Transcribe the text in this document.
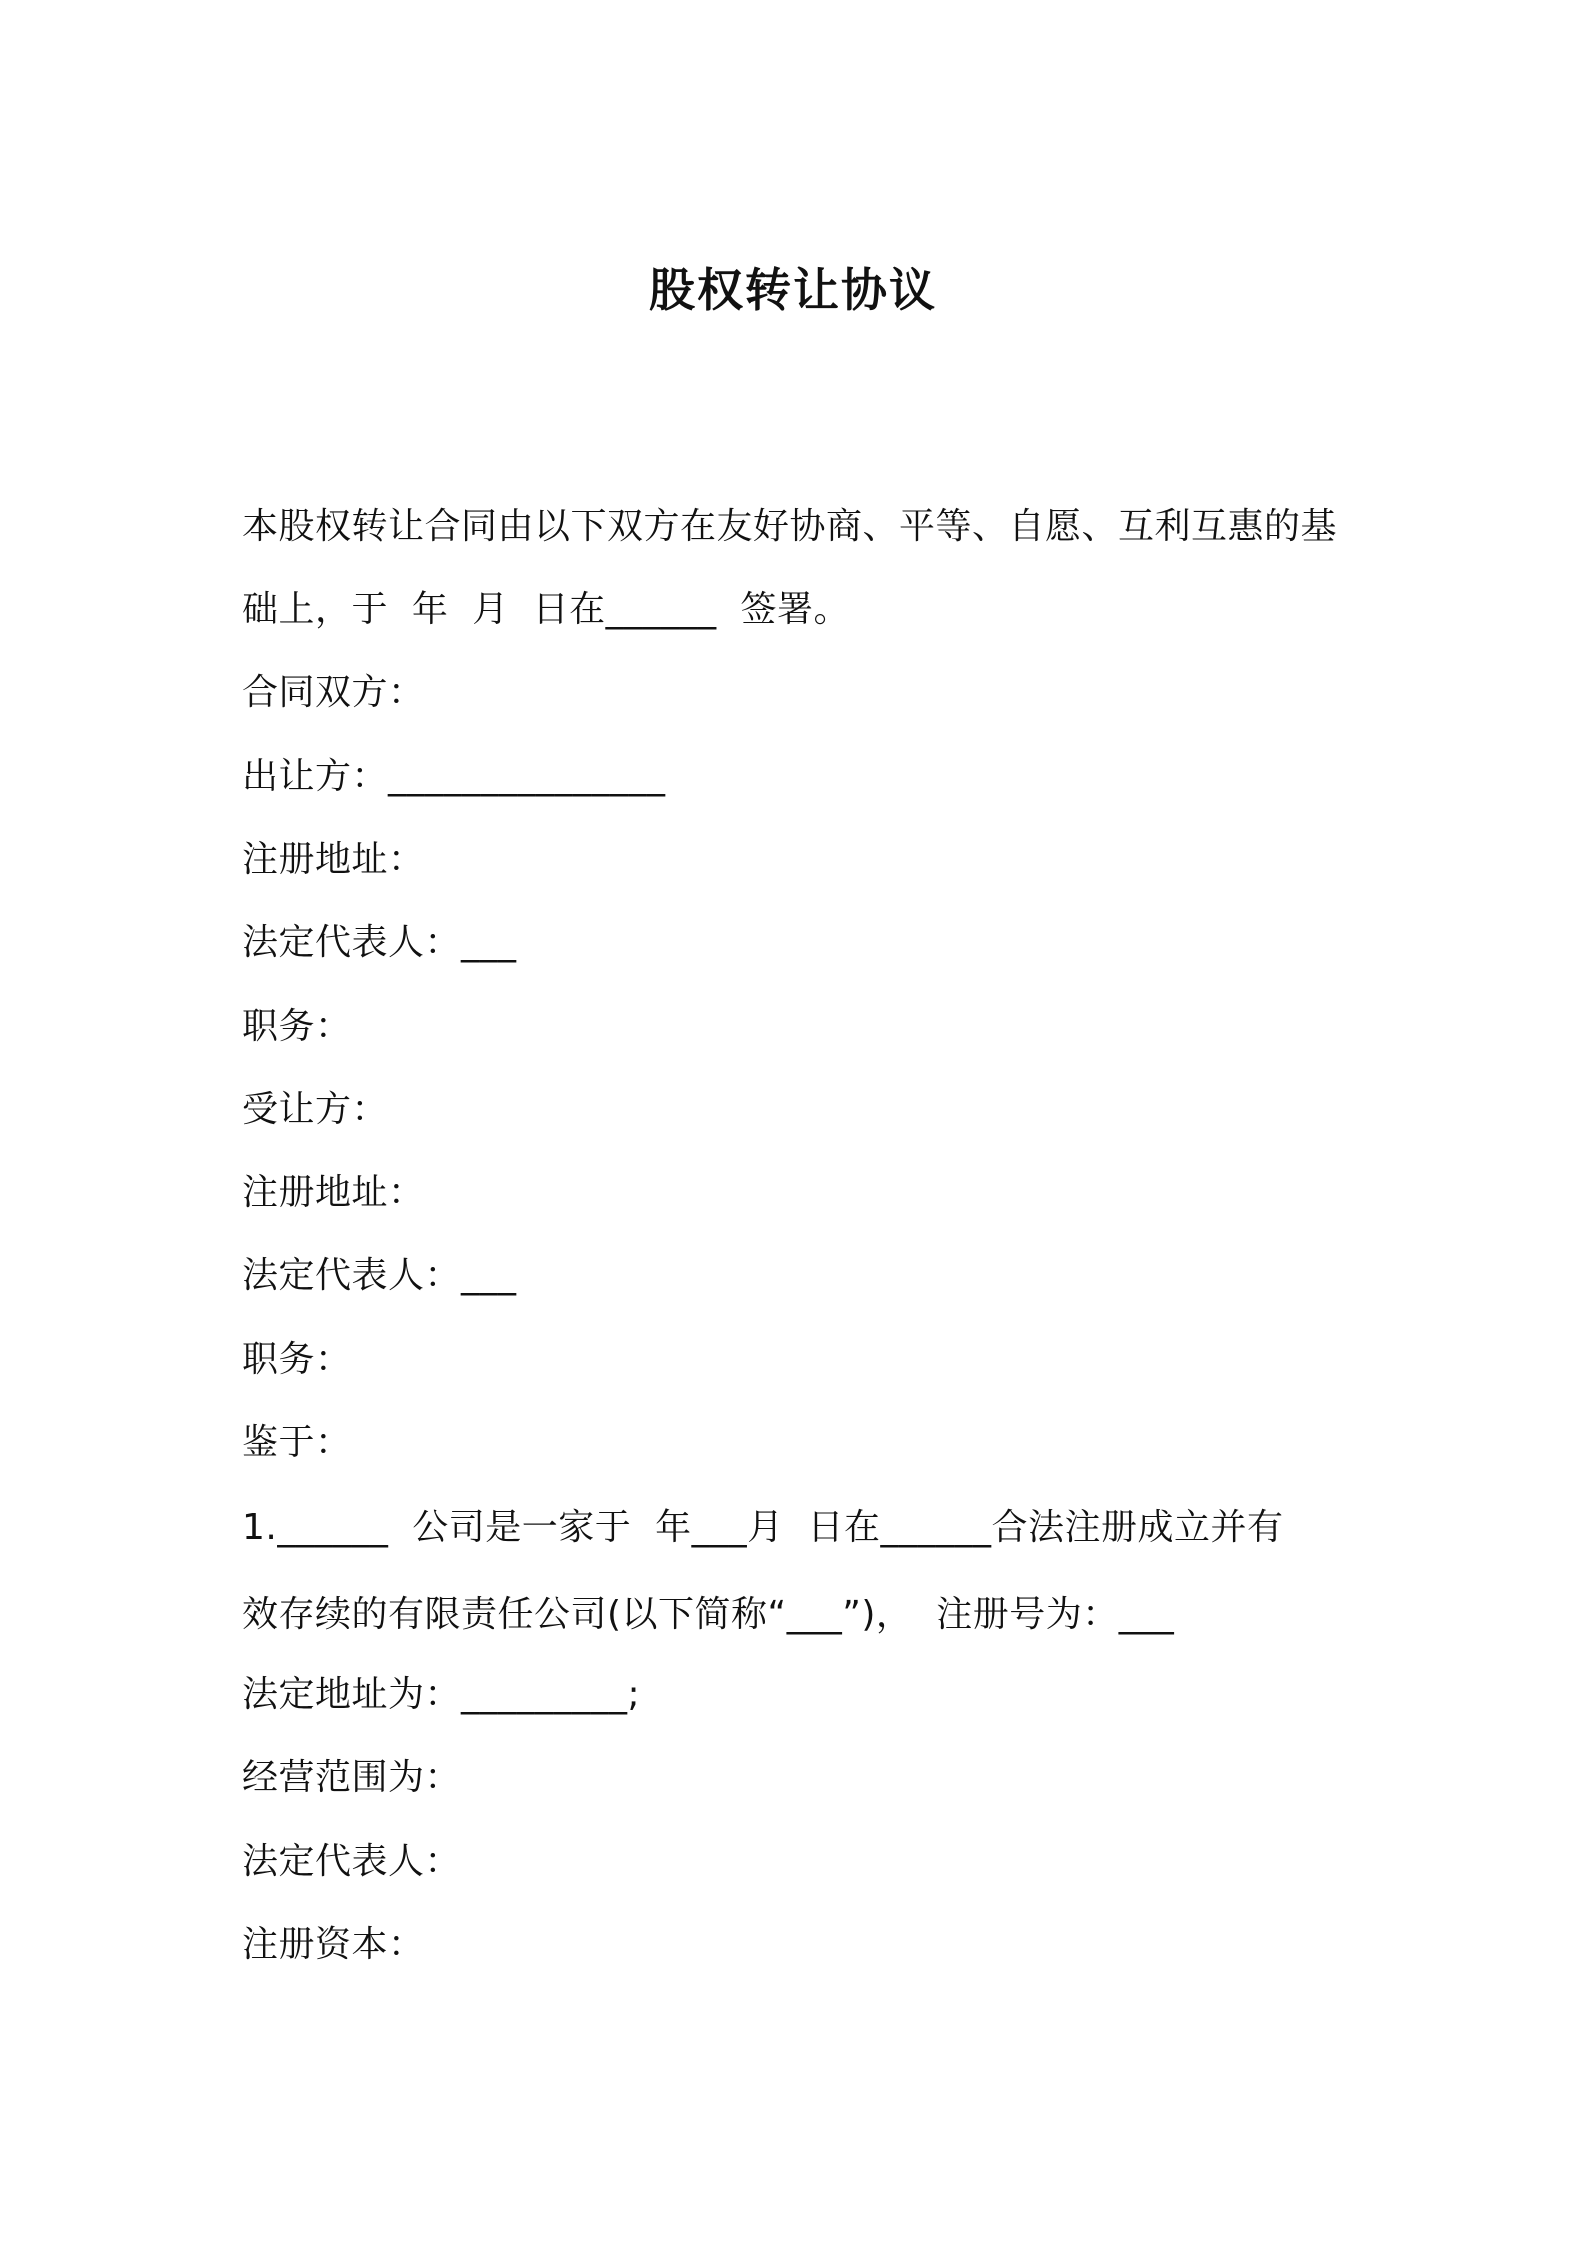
股权转让协议
本股权转让合同由以下双方在友好协商、平等、自愿、互利互惠的基
础上，于  年  月  日在______  签署。
合同双方：
出让方：_______________
注册地址：
法定代表人：___
职务：
受让方：
注册地址：
法定代表人：___
职务：
鉴于：
1.______  公司是一家于  年___月  日在______合法注册成立并有
效存续的有限责任公司(以下简称“___”)，  注册号为：___
法定地址为：_________;
经营范围为：
法定代表人：
注册资本：
